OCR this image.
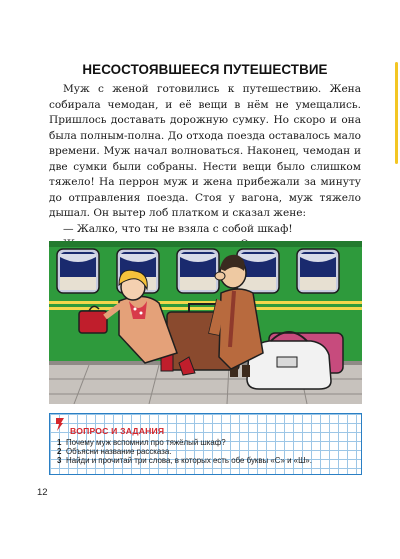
НЕСОСТОЯВШЕЕСЯ ПУТЕШЕСТВИЕ

Муж с женой готовились к путешествию. Жена собирала чемодан, и её вещи в нём не умещались. Пришлось доставать дорожную сумку. Но скоро и она была полным-полна. До отхода поезда оставалось мало времени. Муж начал волноваться. Наконец, чемодан и две сумки были собраны. Нести вещи было слишком тяжело! На перрон муж и жена прибежали за минуту до отправления поезда. Стоя у вагона, муж тяжело дышал. Он вытер лоб платком и сказал жене:

— Жалко, что ты не взяла с собой шкаф!

ВОПРОС И ЗАДАНИЯ
1 Почему муж вспомнил про тяжёлый шкаф?
2 Объясни название рассказа.
3 Найди и прочитай три слова, в которых есть обе буквы «С» и «Ш».
12
